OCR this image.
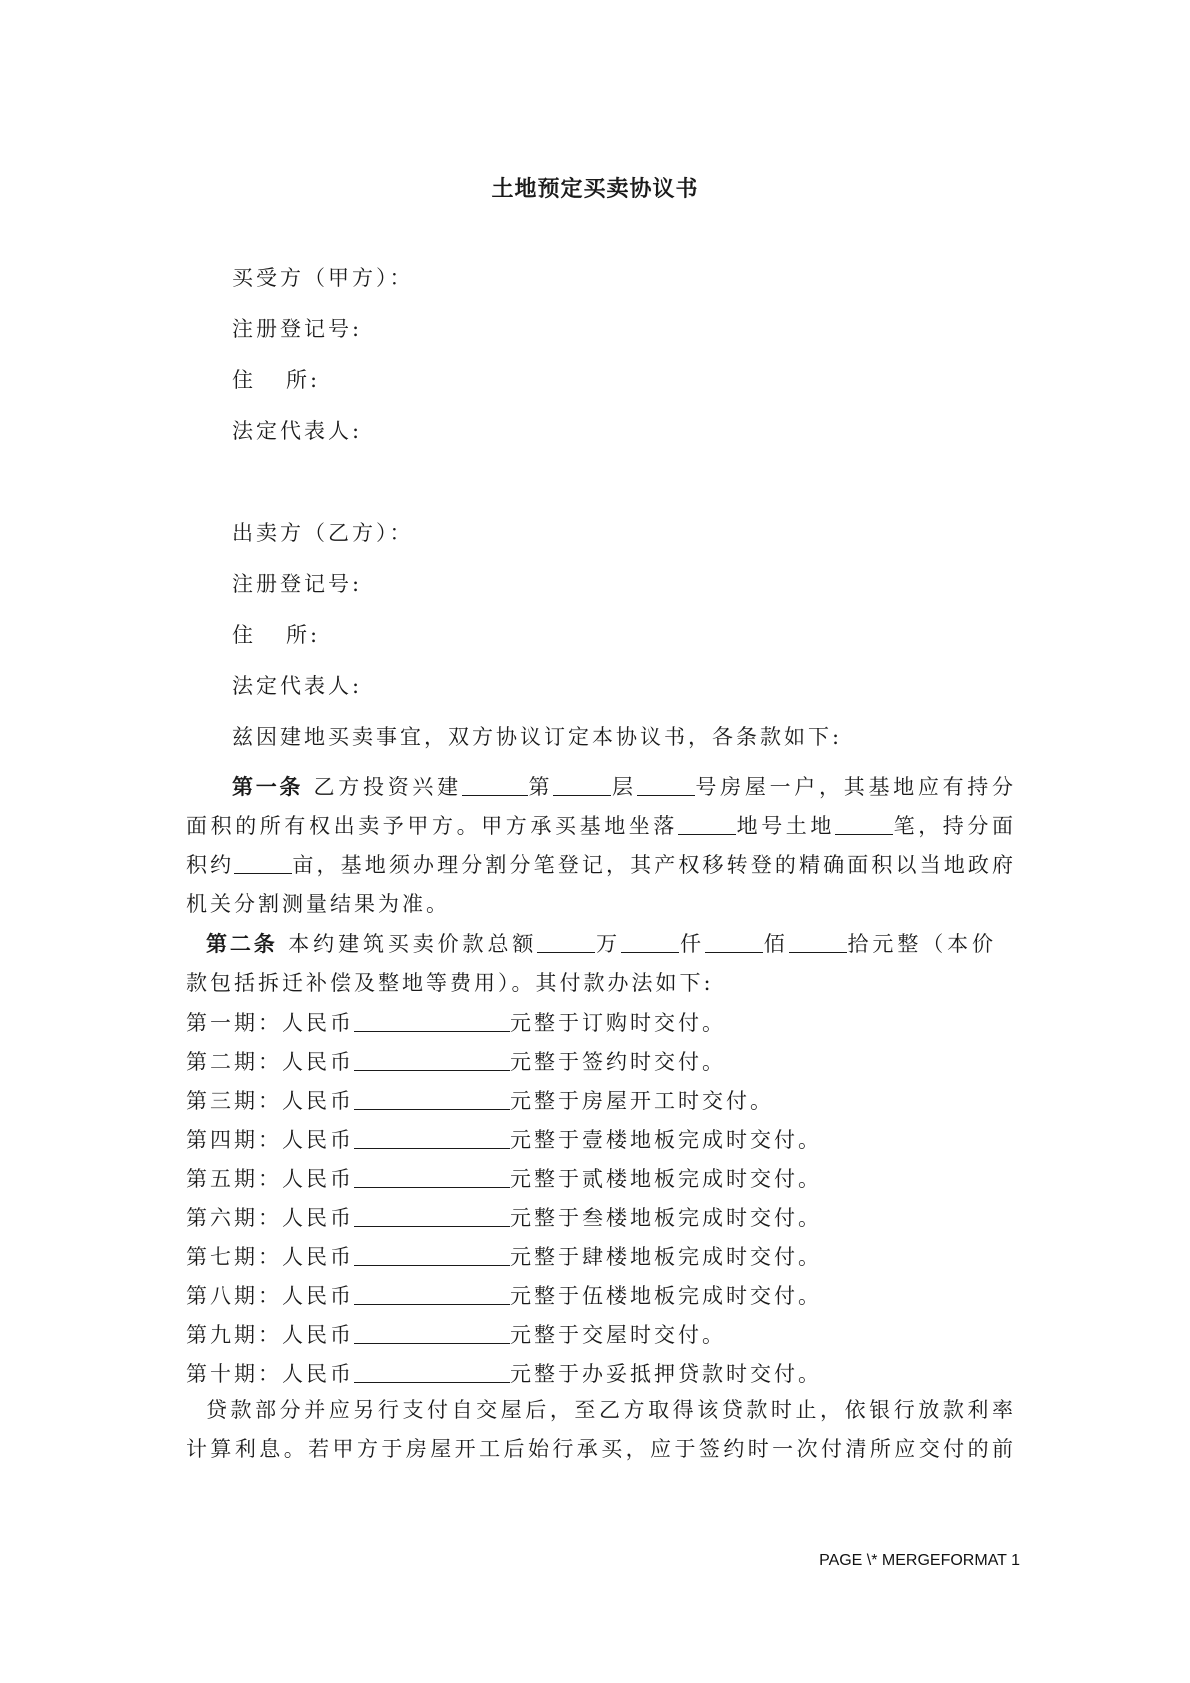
土地预定买卖协议书
买受方（甲方）：
注册登记号:
住 所:
法定代表人:
出卖方（乙方）：
注册登记号:
住 所:
法定代表人:
兹因建地买卖事宜，双方协议订定本协议书，各条款如下:
第一条 乙方投资兴建	第	层	号房屋一户，其基地应有持分
面积的所有权出卖予甲方。甲方承买基地坐落	地号土地	笔，持分面
积约	亩，基地须办理分割分笔登记，其产权移转登的精确面积以当地政府
机关分割测量结果为准。
第二条 本约建筑买卖价款总额	万	仟	佰	拾元整（本价
款包括拆迁补偿及整地等费用）。其付款办法如下:
第一期：人民币	元整于订购时交付。
第二期：人民币	元整于签约时交付。
第三期：人民币	元整于房屋开工时交付。
第四期：人民币	元整于壹楼地板完成时交付。
第五期：人民币	元整于贰楼地板完成时交付。
第六期：人民币	元整于叁楼地板完成时交付。
第七期：人民币	元整于肆楼地板完成时交付。
第八期：人民币	元整于伍楼地板完成时交付。
第九期：人民币	元整于交屋时交付。
第十期：人民币	元整于办妥抵押贷款时交付。
贷款部分并应另行支付自交屋后，至乙方取得该贷款时止，依银行放款利率
计算利息。若甲方于房屋开工后始行承买，应于签约时一次付清所应交付的前
PAGE \* MERGEFORMAT 1
